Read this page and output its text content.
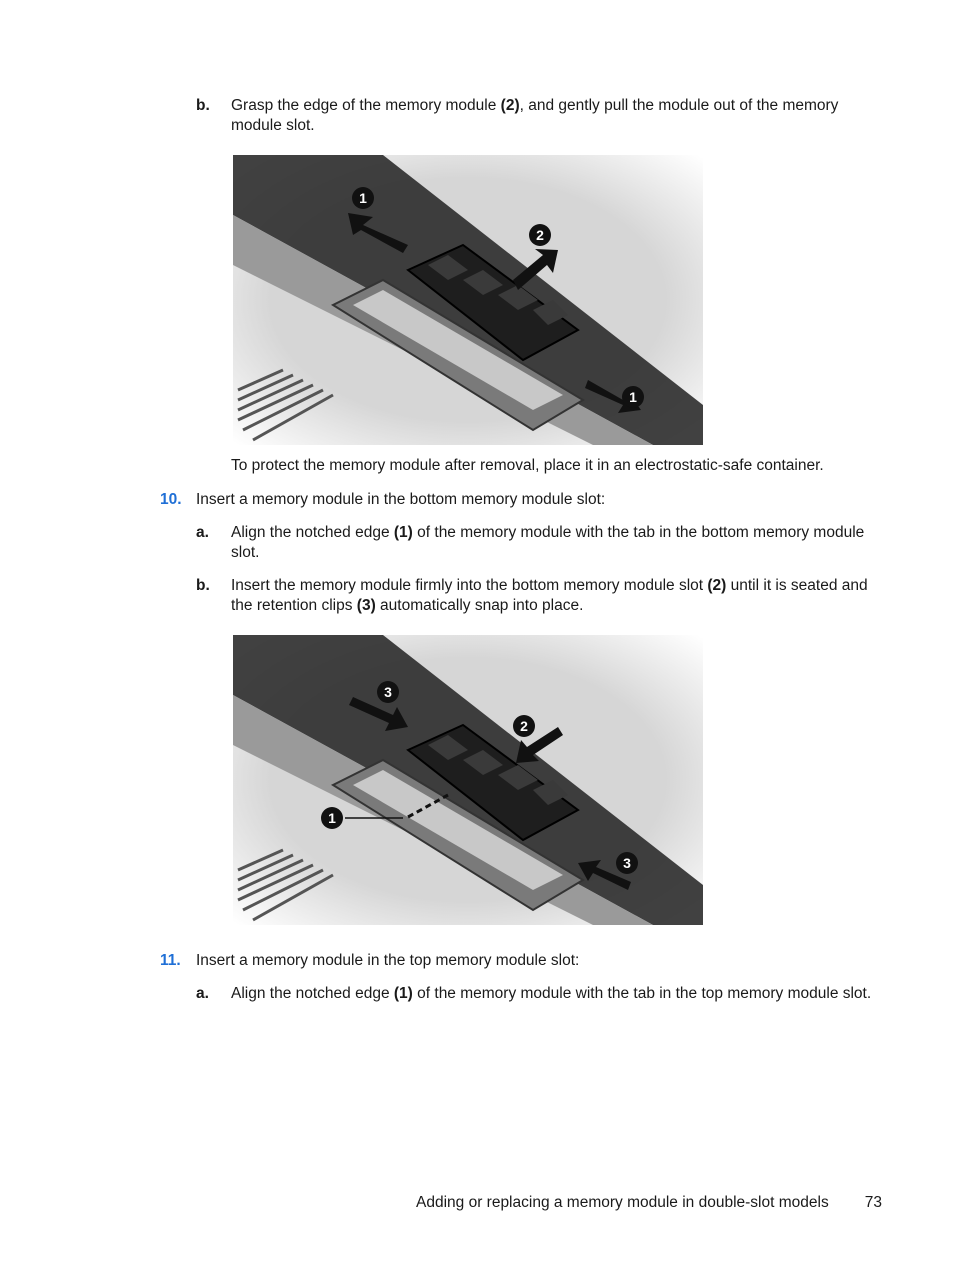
b. Grasp the edge of the memory module (2), and gently pull the module out of the memory
module slot.
1
2
1
To protect the memory module after removal, place it in an electrostatic-safe container.
10. Insert a memory module in the bottom memory module slot:
a. Align the notched edge (1) of the memory module with the tab in the bottom memory module
slot.
b. Insert the memory module firmly into the bottom memory module slot (2) until it is seated and
the retention clips (3) automatically snap into place.
3
2
1
3
11. Insert a memory module in the top memory module slot:
a. Align the notched edge (1) of the memory module with the tab in the top memory module slot.
Adding or replacing a memory module in double-slot models 73
